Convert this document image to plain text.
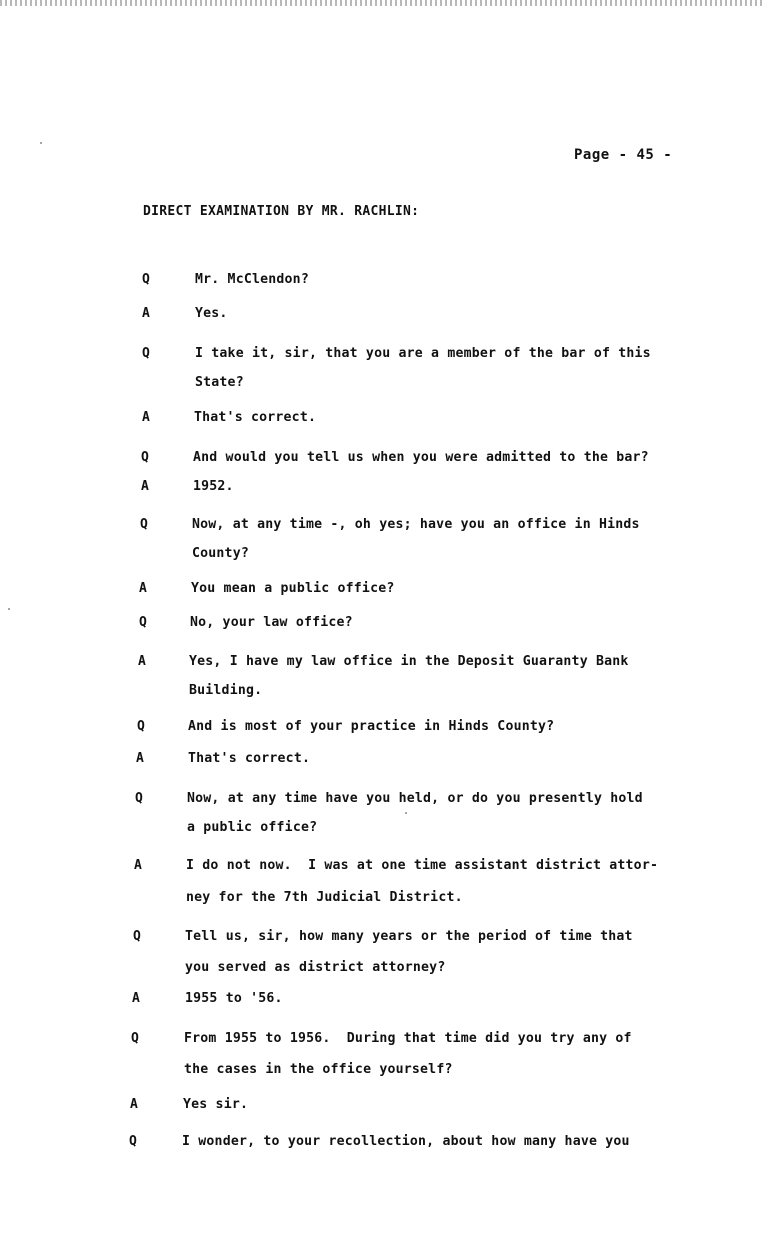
Page - 45 -
DIRECT EXAMINATION BY MR. RACHLIN:
Q	Mr. McClendon?
A	Yes.
Q	I take it, sir, that you are a member of the bar of this
State?
A	That's correct.
Q	And would you tell us when you were admitted to the bar?
A	1952.
Q	Now, at any time -, oh yes; have you an office in Hinds
County?
A	You mean a public office?
Q	No, your law office?
A	Yes, I have my law office in the Deposit Guaranty Bank
Building.
Q	And is most of your practice in Hinds County?
A	That's correct.
Q	Now, at any time have you held, or do you presently hold
a public office?
A	I do not now.  I was at one time assistant district attor-
ney for the 7th Judicial District.
Q	Tell us, sir, how many years or the period of time that
you served as district attorney?
A	1955 to '56.
Q	From 1955 to 1956.  During that time did you try any of
the cases in the office yourself?
A	Yes sir.
Q	I wonder, to your recollection, about how many have you
